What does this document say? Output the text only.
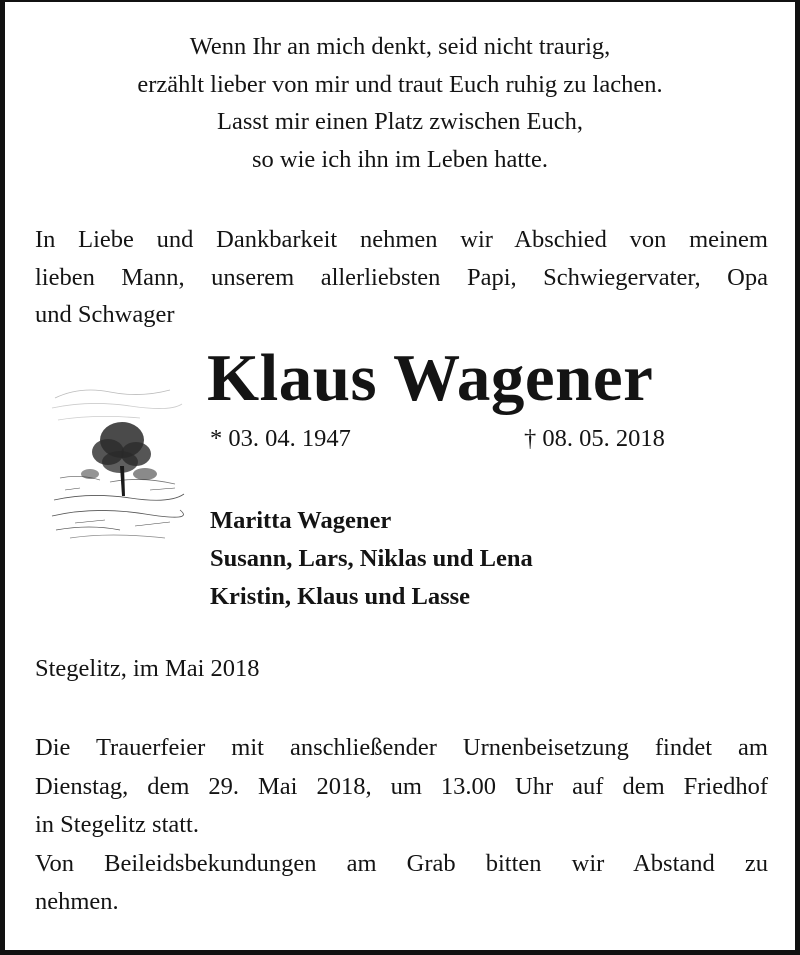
Wenn Ihr an mich denkt, seid nicht traurig,
erzählt lieber von mir und traut Euch ruhig zu lachen.
Lasst mir einen Platz zwischen Euch,
so wie ich ihn im Leben hatte.
In Liebe und Dankbarkeit nehmen wir Abschied von meinem
lieben Mann, unserem allerliebsten Papi, Schwiegervater, Opa
und Schwager
Klaus Wagener
* 03. 04. 1947	† 08. 05. 2018
Maritta Wagener
Susann, Lars, Niklas und Lena
Kristin, Klaus und Lasse
Stegelitz, im Mai 2018
Die Trauerfeier mit anschließender Urnenbeisetzung findet am
Dienstag, dem 29. Mai 2018, um 13.00 Uhr auf dem Friedhof
in Stegelitz statt.
Von Beileidsbekundungen am Grab bitten wir Abstand zu
nehmen.
